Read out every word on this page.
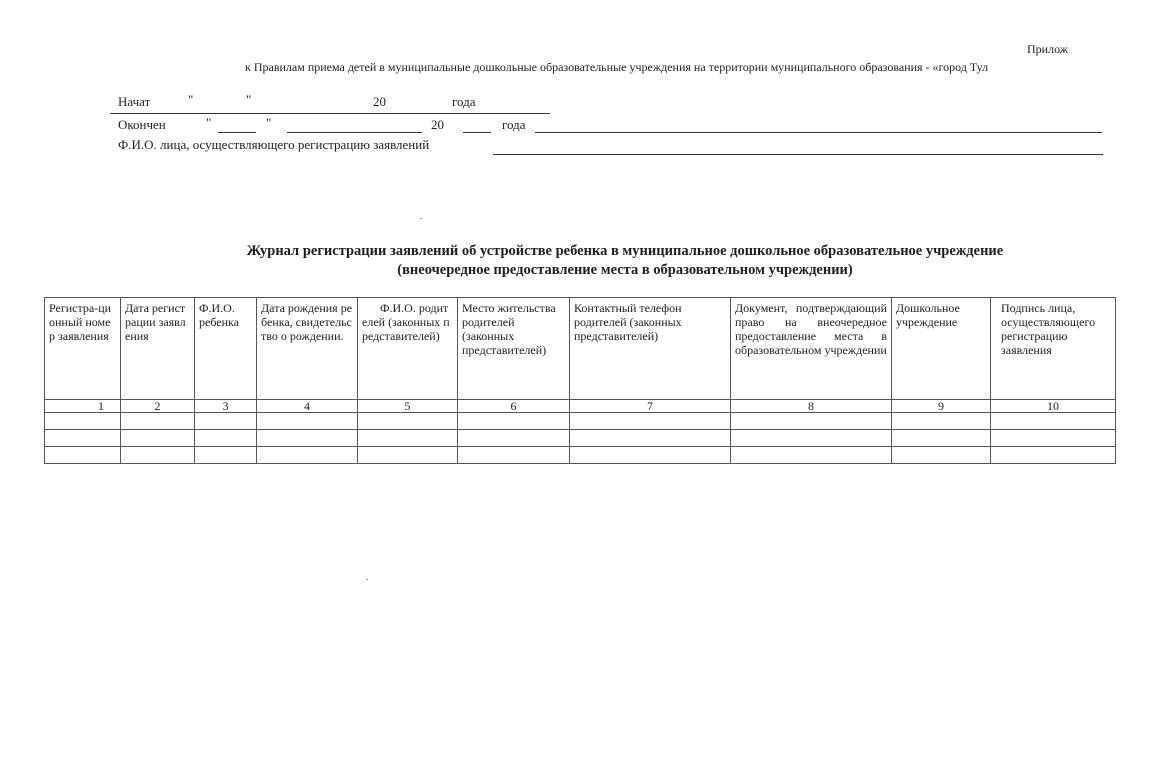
Прилож
к Правилам приема детей в муниципальные дошкольные образовательные учреждения на территории муниципального образования - «город Тул
Начат	"	"	20	года
Окончен	"	"	20	года
Ф.И.О. лица, осуществляющего регистрацию заявлений
Журнал регистрации заявлений об устройстве ребенка в муниципальное дошкольное образовательное учреждение
(внеочередное предоставление места в образовательном учреждении)
Регистра-ционный номер заявления	Дата регистрации заявления	Ф.И.О. ребенка	Дата рождения ребенка, свидетельство о рождении.	Ф.И.О. родителей (законных представителей)	Место жительства родителей (законных представителей)	Контактный телефон родителей (законных представителей)	Документ, подтверждающий право на внеочередное предоставление места в образовательном учреждении	Дошкольное учреждение	Подпись лица, осуществляющего регистрацию заявления
1	2	3	4	5	6	7	8	9	10
